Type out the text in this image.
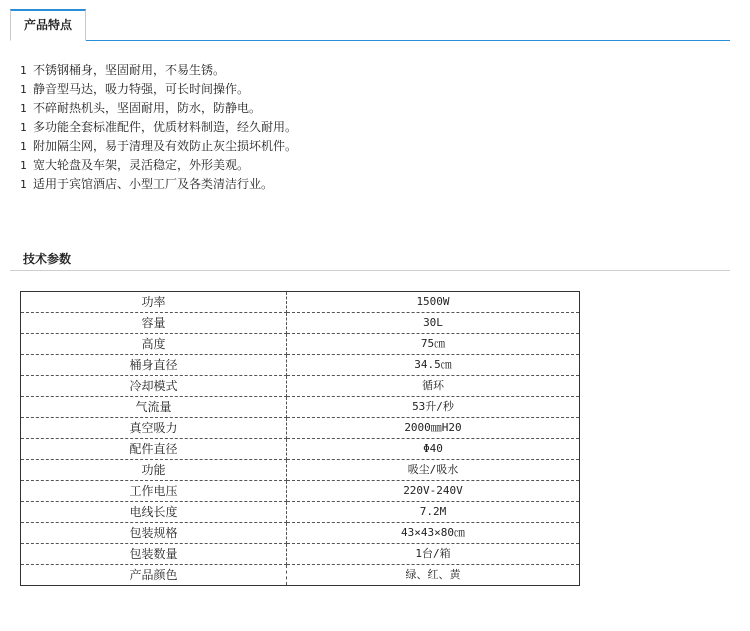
产品特点
1 不锈钢桶身，坚固耐用，不易生锈。
1 静音型马达，吸力特强，可长时间操作。
1 不碎耐热机头，坚固耐用，防水，防静电。
1 多功能全套标准配件，优质材料制造，经久耐用。
1 附加隔尘网，易于清理及有效防止灰尘损坏机件。
1 宽大轮盘及车架，灵活稳定，外形美观。
1 适用于宾馆酒店、小型工厂及各类清洁行业。
技术参数
功率	1500W
容量	30L
高度	75㎝
桶身直径	34.5㎝
冷却模式	循环
气流量	53升/秒
真空吸力	2000㎜H20
配件直径	Φ40
功能	吸尘/吸水
工作电压	220V-240V
电线长度	7.2M
包装规格	43×43×80㎝
包装数量	1台/箱
产品颜色	绿、红、黄
